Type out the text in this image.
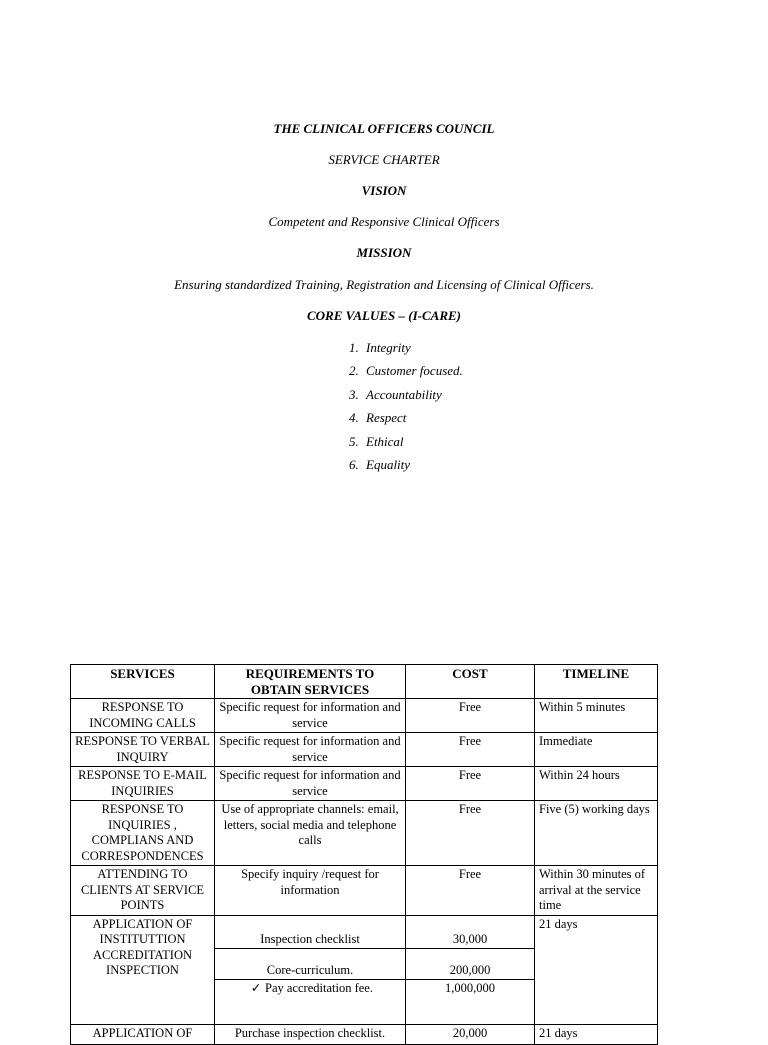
THE CLINICAL OFFICERS COUNCIL
SERVICE CHARTER
VISION
Competent and Responsive Clinical Officers
MISSION
Ensuring standardized Training, Registration and Licensing of Clinical Officers.
CORE VALUES – (I-CARE)
1. Integrity
2. Customer focused.
3. Accountability
4. Respect
5. Ethical
6. Equality
SERVICES	REQUIREMENTS TO OBTAIN SERVICES	COST	TIMELINE
RESPONSE TO INCOMING CALLS	Specific request for information and service	Free	Within 5 minutes
RESPONSE TO VERBAL INQUIRY	Specific request for information and service	Free	Immediate
RESPONSE TO E-MAIL INQUIRIES	Specific request for information and service	Free	Within 24 hours
RESPONSE TO INQUIRIES , COMPLIANS AND CORRESPONDENCES	Use of appropriate channels: email, letters, social media and telephone calls	Free	Five (5) working days
ATTENDING TO CLIENTS AT SERVICE POINTS	Specify inquiry /request for information	Free	Within 30 minutes of arrival at the service time
APPLICATION OF INSTITUTTION ACCREDITATION INSPECTION	Inspection checklist	30,000	21 days
	Core-curriculum.	200,000	
	✓ Pay accreditation fee.	1,000,000	
APPLICATION OF	Purchase inspection checklist.	20,000	21 days
